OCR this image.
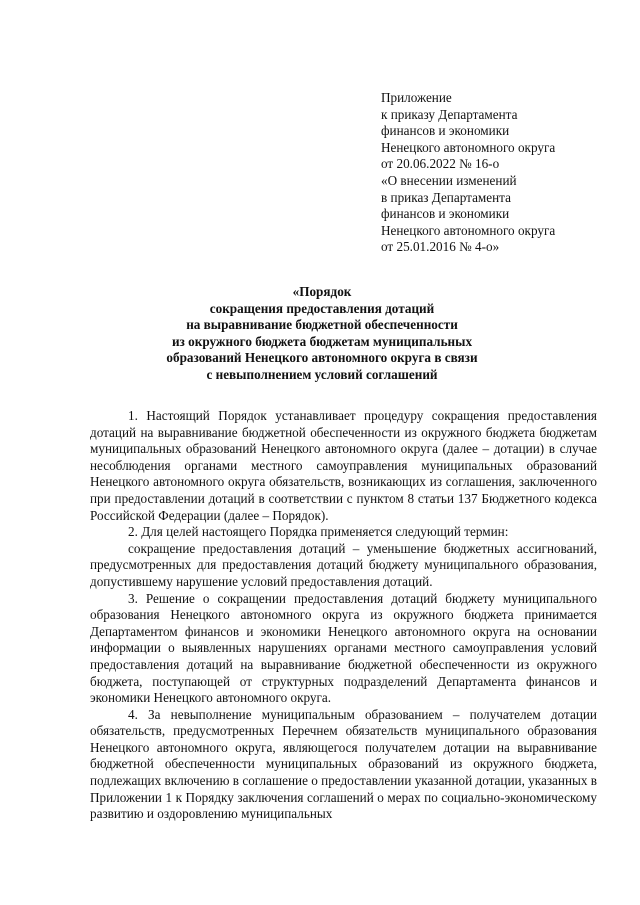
Приложение
к приказу Департамента
финансов и экономики
Ненецкого автономного округа
от 20.06.2022 № 16-о
«О внесении изменений
в приказ Департамента
финансов и экономики
Ненецкого автономного округа
от 25.01.2016 № 4-о»
«Порядок
сокращения предоставления дотаций
на выравнивание бюджетной обеспеченности
из окружного бюджета бюджетам муниципальных
образований Ненецкого автономного округа в связи
с невыполнением условий соглашений

1. Настоящий Порядок устанавливает процедуру сокращения предоставления дотаций на выравнивание бюджетной обеспеченности из окружного бюджета бюджетам муниципальных образований Ненецкого автономного округа (далее – дотации) в случае несоблюдения органами местного самоуправления муниципальных образований Ненецкого автономного округа обязательств, возникающих из соглашения, заключенного при предоставлении дотаций в соответствии с пунктом 8 статьи 137 Бюджетного кодекса Российской Федерации (далее – Порядок).

2. Для целей настоящего Порядка применяется следующий термин:

сокращение предоставления дотаций – уменьшение бюджетных ассигнований, предусмотренных для предоставления дотаций бюджету муниципального образования, допустившему нарушение условий предоставления дотаций.

3. Решение о сокращении предоставления дотаций бюджету муниципального образования Ненецкого автономного округа из окружного бюджета принимается Департаментом финансов и экономики Ненецкого автономного округа на основании информации о выявленных нарушениях органами местного самоуправления условий предоставления дотаций на выравнивание бюджетной обеспеченности из окружного бюджета, поступающей от структурных подразделений Департамента финансов и экономики Ненецкого автономного округа.

4. За невыполнение муниципальным образованием – получателем дотации обязательств, предусмотренных Перечнем обязательств муниципального образования Ненецкого автономного округа, являющегося получателем дотации на выравнивание бюджетной обеспеченности муниципальных образований из окружного бюджета, подлежащих включению в соглашение о предоставлении указанной дотации, указанных в Приложении 1 к Порядку заключения соглашений о мерах по социально-экономическому развитию и оздоровлению муниципальных
